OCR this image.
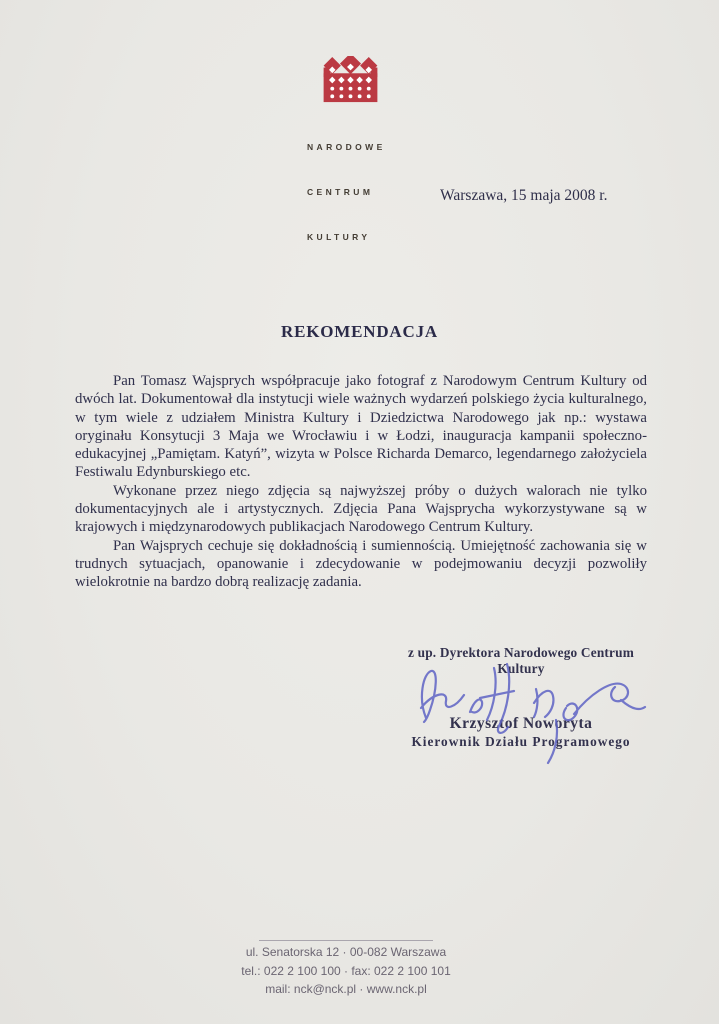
NARODOWE

CENTRUM

KULTURY

Warszawa, 15 maja 2008 r.
REKOMENDACJA

Pan Tomasz Wajsprych współpracuje jako fotograf z Narodowym Centrum Kultury od dwóch lat. Dokumentował dla instytucji wiele ważnych wydarzeń polskiego życia kulturalnego, w tym wiele z udziałem Ministra Kultury i Dziedzictwa Narodowego jak np.: wystawa oryginału Konsytucji 3 Maja we Wrocławiu i w Łodzi, inauguracja kampanii społeczno-edukacyjnej „Pamiętam. Katyń”, wizyta w Polsce Richarda Demarco, legendarnego założyciela Festiwalu Edynburskiego etc.

Wykonane przez niego zdjęcia są najwyższej próby o dużych walorach nie tylko dokumentacyjnych ale i artystycznych. Zdjęcia Pana Wajsprycha wykorzystywane są w krajowych i międzynarodowych publikacjach Narodowego Centrum Kultury.

Pan Wajsprych cechuje się dokładnością i sumiennością. Umiejętność zachowania się w trudnych sytuacjach, opanowanie i zdecydowanie w podejmowaniu decyzji pozwoliły wielokrotnie na bardzo dobrą realizację zadania.

z up. Dyrektora Narodowego Centrum Kultury
Krzysztof Noworyta
Kierownik Działu Programowego
ul. Senatorska 12 · 00-082 Warszawa
tel.: 022 2 100 100 · fax: 022 2 100 101
mail: nck@nck.pl · www.nck.pl
